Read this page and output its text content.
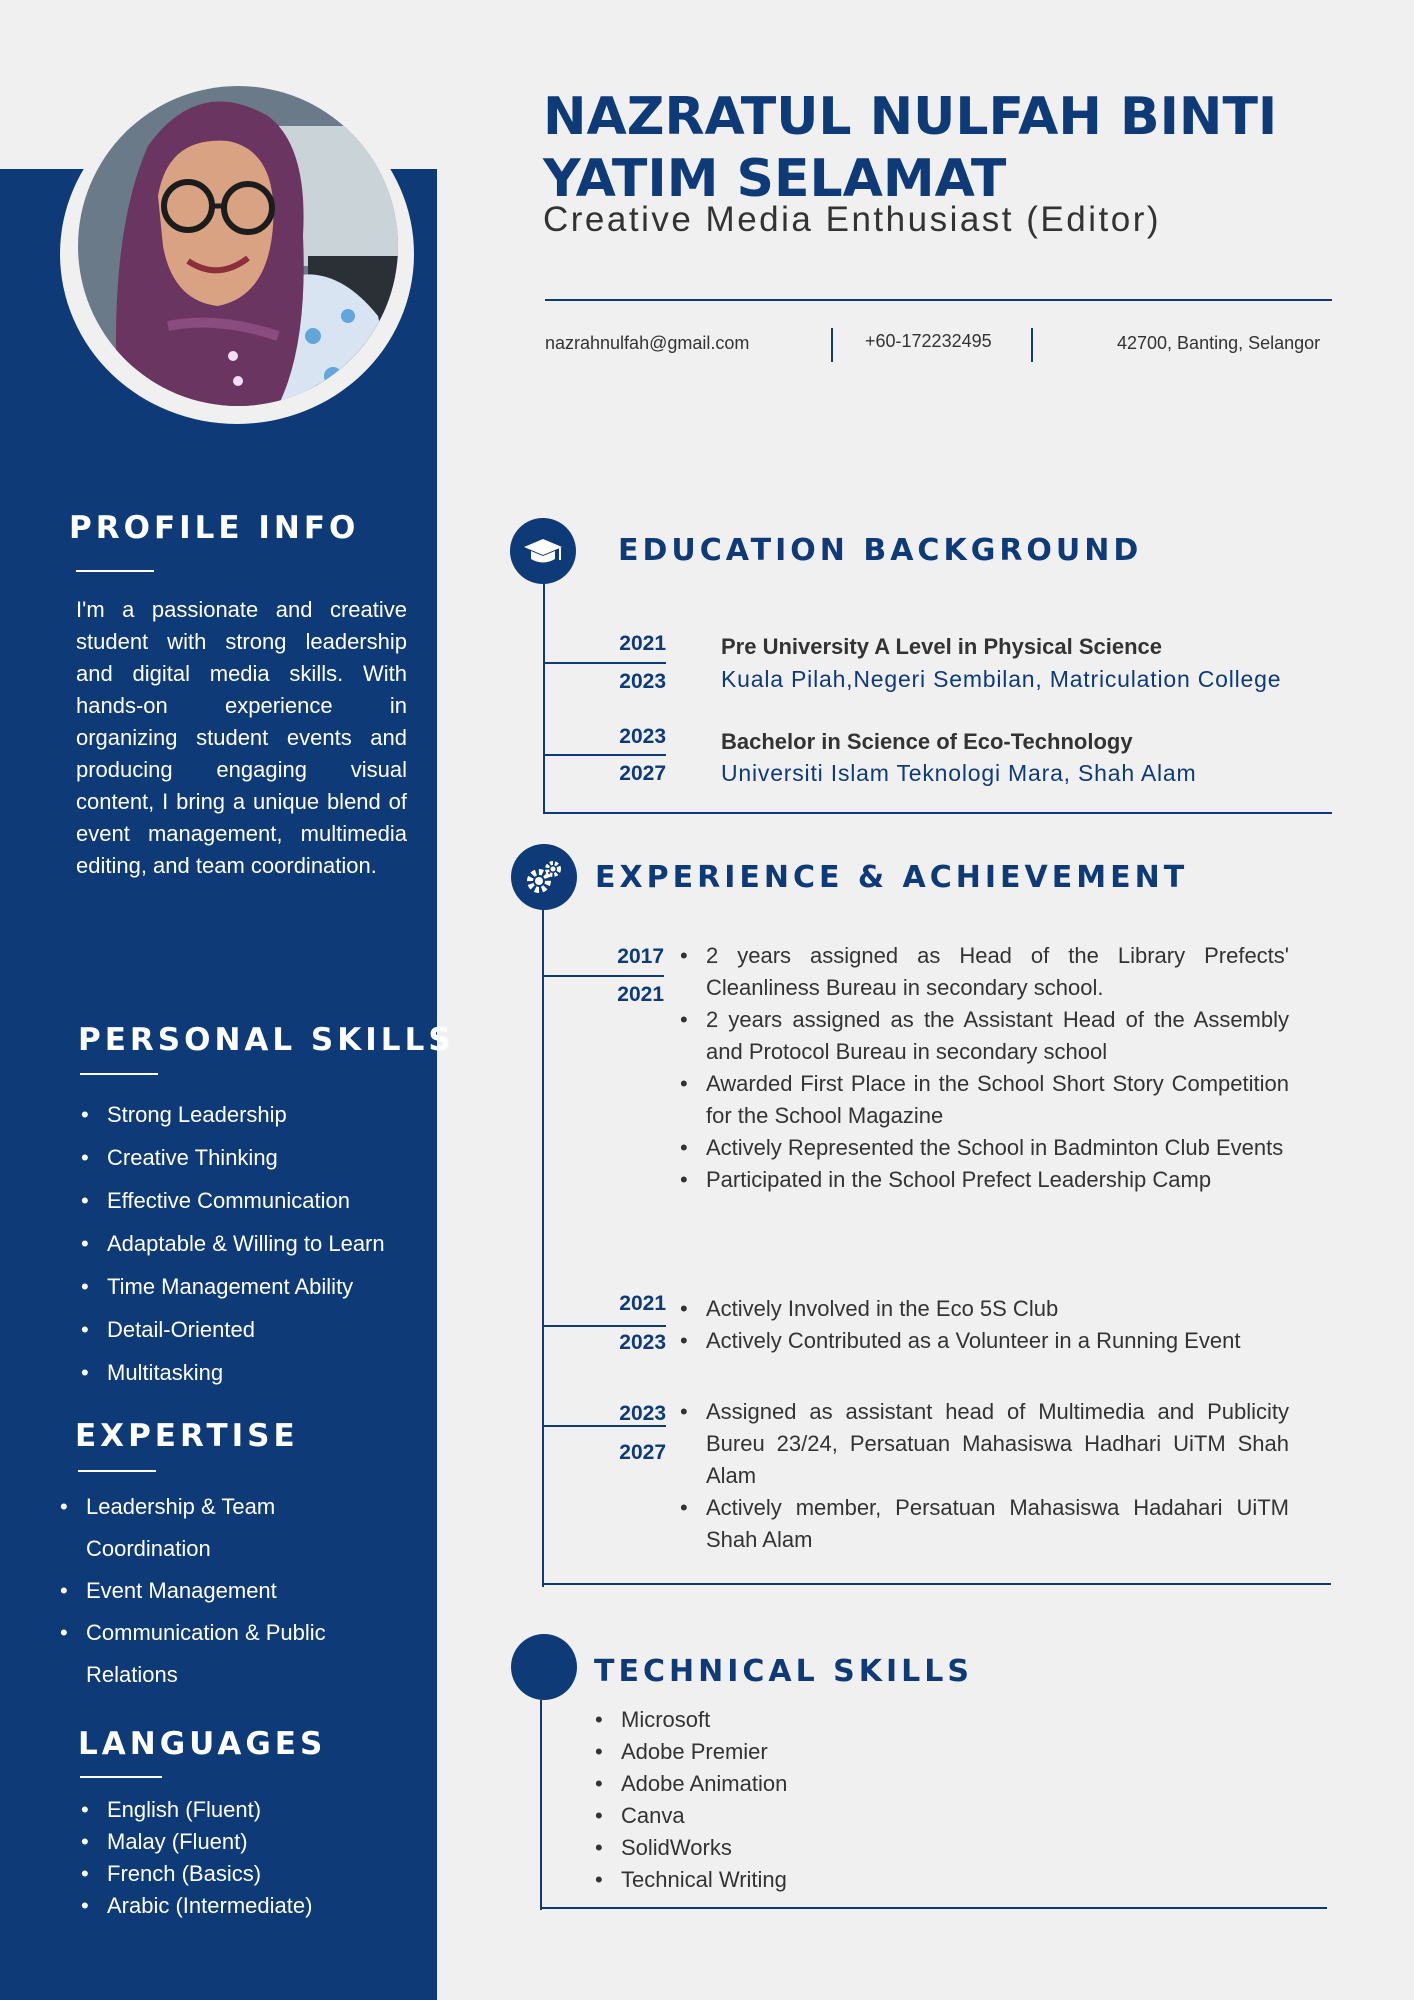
PROFILE INFO
I'm a passionate and creative student with strong leadership and digital media skills. With hands-on experience in organizing student events and producing engaging visual content, I bring a unique blend of event management, multimedia editing, and team coordination.
PERSONAL SKILLS
• Strong Leadership
• Creative Thinking
• Effective Communication
• Adaptable & Willing to Learn
• Time Management Ability
• Detail-Oriented
• Multitasking
EXPERTISE
• Leadership & Team Coordination
• Event Management
• Communication & Public Relations
LANGUAGES
• English (Fluent)
• Malay (Fluent)
• French (Basics)
• Arabic (Intermediate)
NAZRATUL NULFAH BINTI
YATIM SELAMAT
Creative Media Enthusiast (Editor)
nazrahnulfah@gmail.com	+60-172232495	42700, Banting, Selangor
EDUCATION BACKGROUND
2021
2023
Pre University A Level in Physical Science
Kuala Pilah,Negeri Sembilan, Matriculation College
2023
2027
Bachelor in Science of Eco-Technology
Universiti Islam Teknologi Mara, Shah Alam
EXPERIENCE & ACHIEVEMENT
2017
2021
• 2 years assigned as Head of the Library Prefects' Cleanliness Bureau in secondary school.
• 2 years assigned as the Assistant Head of the Assembly and Protocol Bureau in secondary school
• Awarded First Place in the School Short Story Competition for the School Magazine
• Actively Represented the School in Badminton Club Events
• Participated in the School Prefect Leadership Camp
2021
2023
• Actively Involved in the Eco 5S Club
• Actively Contributed as a Volunteer in a Running Event
2023
2027
• Assigned as assistant head of Multimedia and Publicity Bureu 23/24, Persatuan Mahasiswa Hadhari UiTM Shah Alam
• Actively member, Persatuan Mahasiswa Hadahari UiTM Shah Alam
TECHNICAL SKILLS
• Microsoft
• Adobe Premier
• Adobe Animation
• Canva
• SolidWorks
• Technical Writing
